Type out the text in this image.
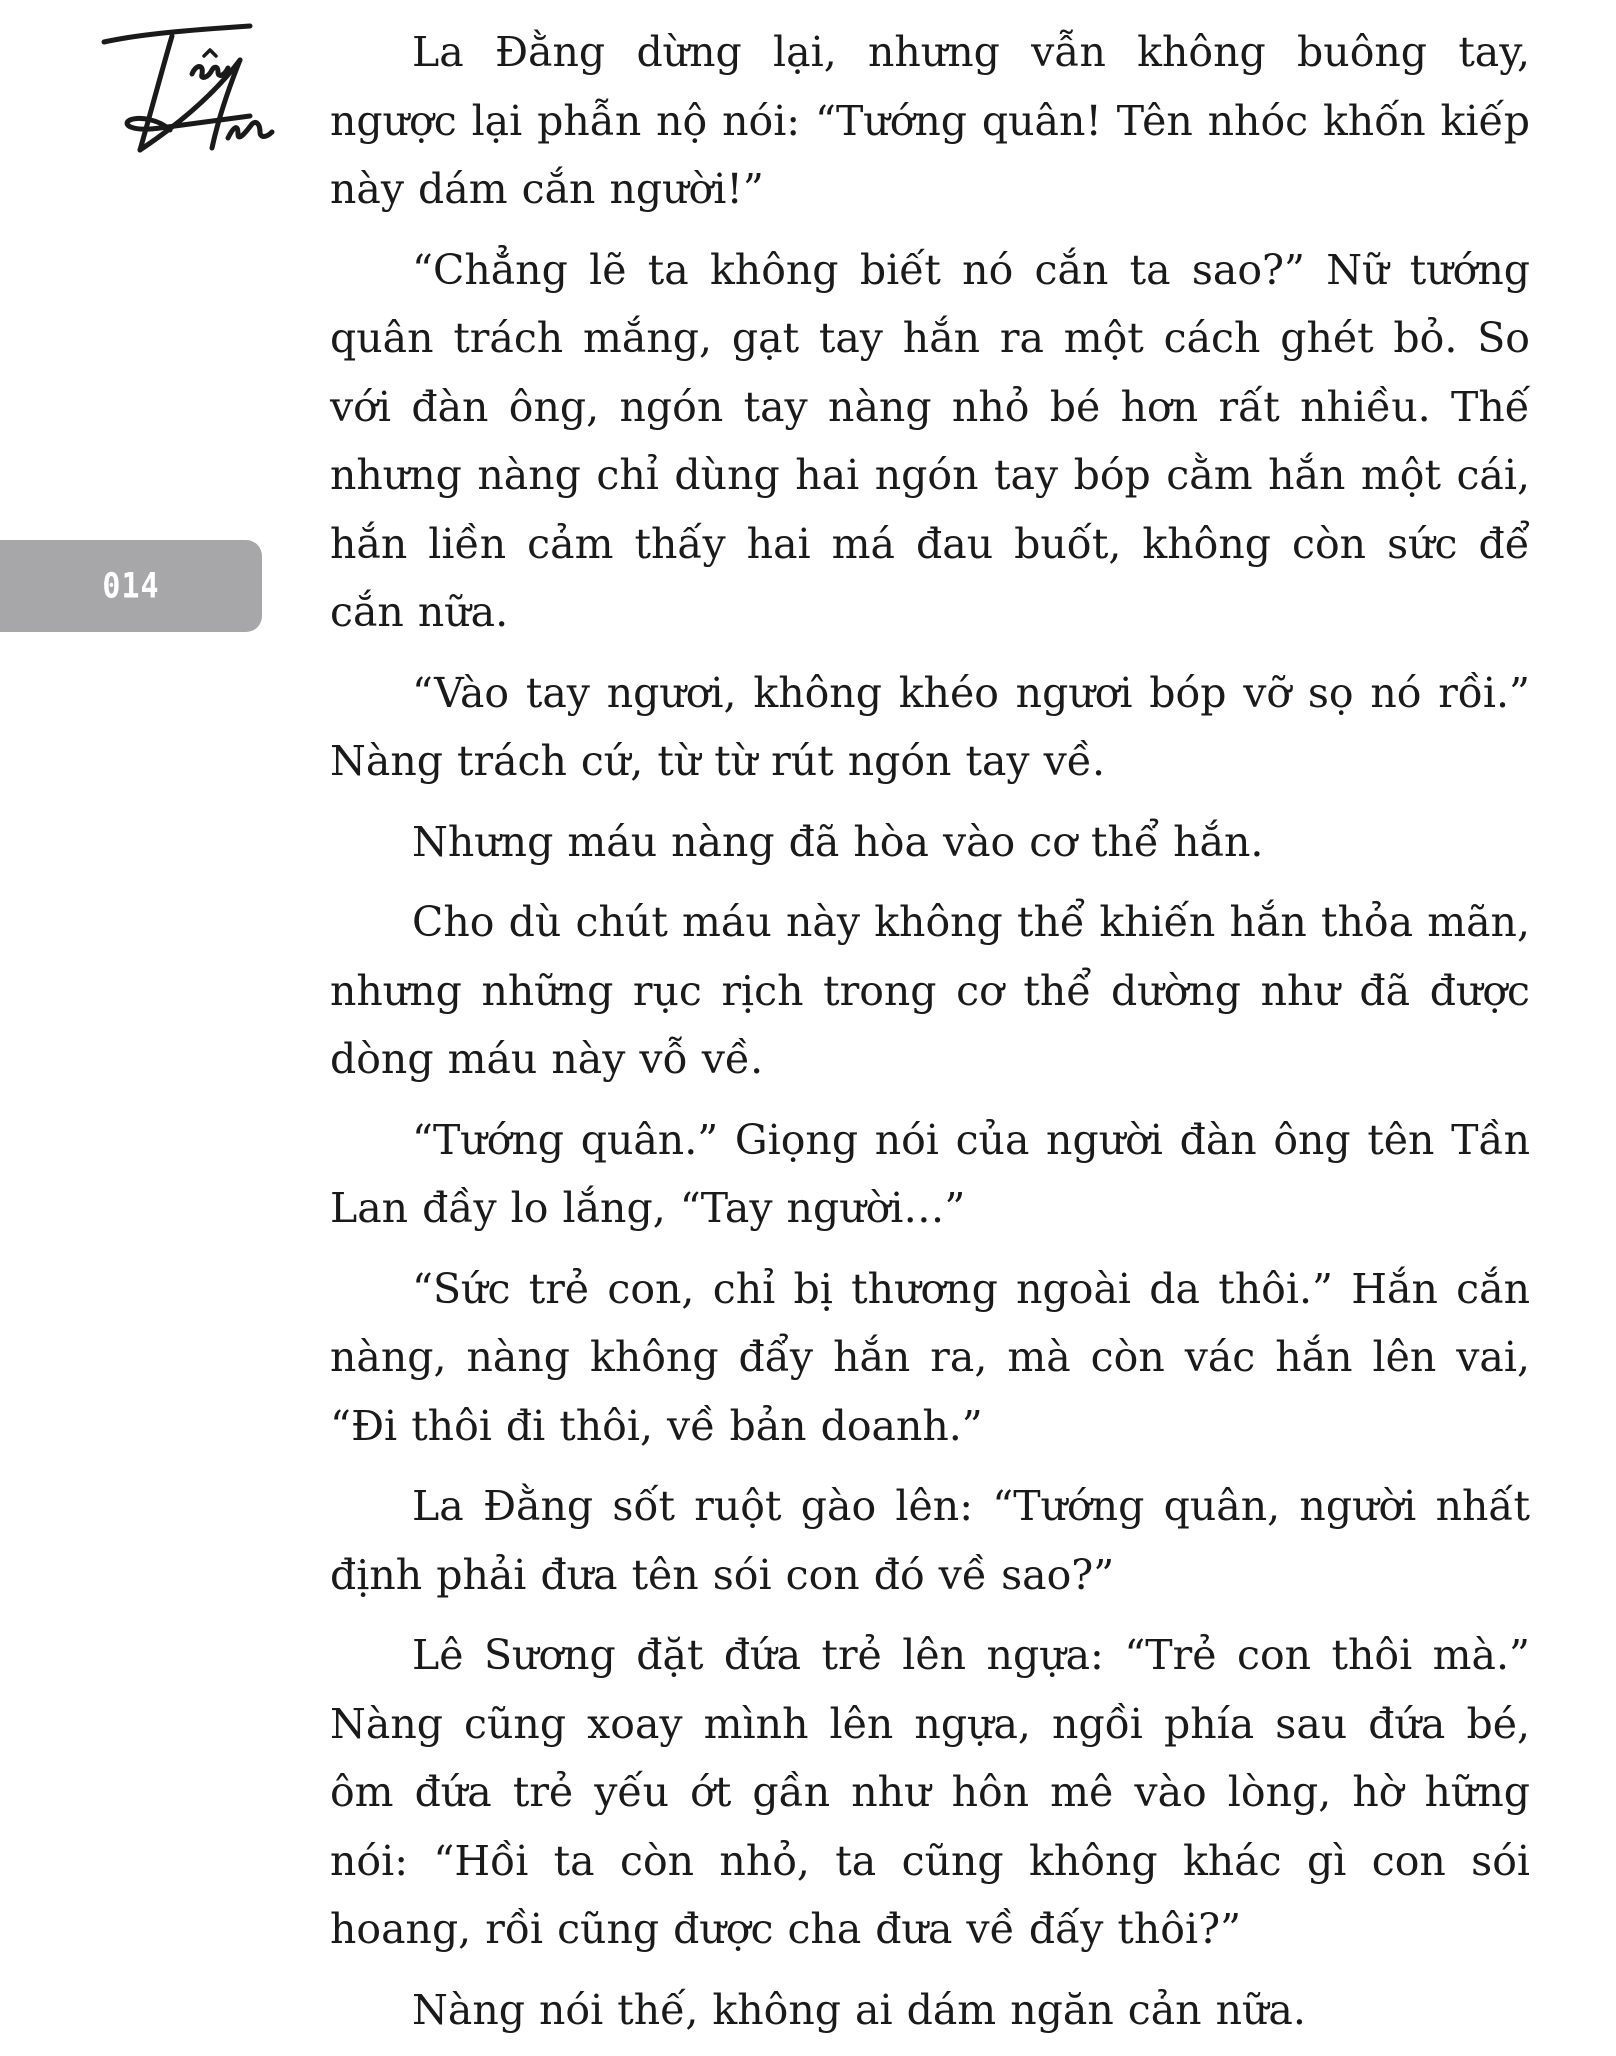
014

La Đằng dừng lại, nhưng vẫn không buông tay, ngược lại phẫn nộ nói: “Tướng quân! Tên nhóc khốn kiếp này dám cắn người!”

“Chẳng lẽ ta không biết nó cắn ta sao?” Nữ tướng quân trách mắng, gạt tay hắn ra một cách ghét bỏ. So với đàn ông, ngón tay nàng nhỏ bé hơn rất nhiều. Thế nhưng nàng chỉ dùng hai ngón tay bóp cằm hắn một cái, hắn liền cảm thấy hai má đau buốt, không còn sức để cắn nữa.

“Vào tay ngươi, không khéo ngươi bóp vỡ sọ nó rồi.” Nàng trách cứ, từ từ rút ngón tay về.

Nhưng máu nàng đã hòa vào cơ thể hắn.

Cho dù chút máu này không thể khiến hắn thỏa mãn, nhưng những rục rịch trong cơ thể dường như đã được dòng máu này vỗ về.

“Tướng quân.” Giọng nói của người đàn ông tên Tần Lan đầy lo lắng, “Tay người…”

“Sức trẻ con, chỉ bị thương ngoài da thôi.” Hắn cắn nàng, nàng không đẩy hắn ra, mà còn vác hắn lên vai, “Đi thôi đi thôi, về bản doanh.”

La Đằng sốt ruột gào lên: “Tướng quân, người nhất định phải đưa tên sói con đó về sao?”

Lê Sương đặt đứa trẻ lên ngựa: “Trẻ con thôi mà.” Nàng cũng xoay mình lên ngựa, ngồi phía sau đứa bé, ôm đứa trẻ yếu ớt gần như hôn mê vào lòng, hờ hững nói: “Hồi ta còn nhỏ, ta cũng không khác gì con sói hoang, rồi cũng được cha đưa về đấy thôi?”

Nàng nói thế, không ai dám ngăn cản nữa.
